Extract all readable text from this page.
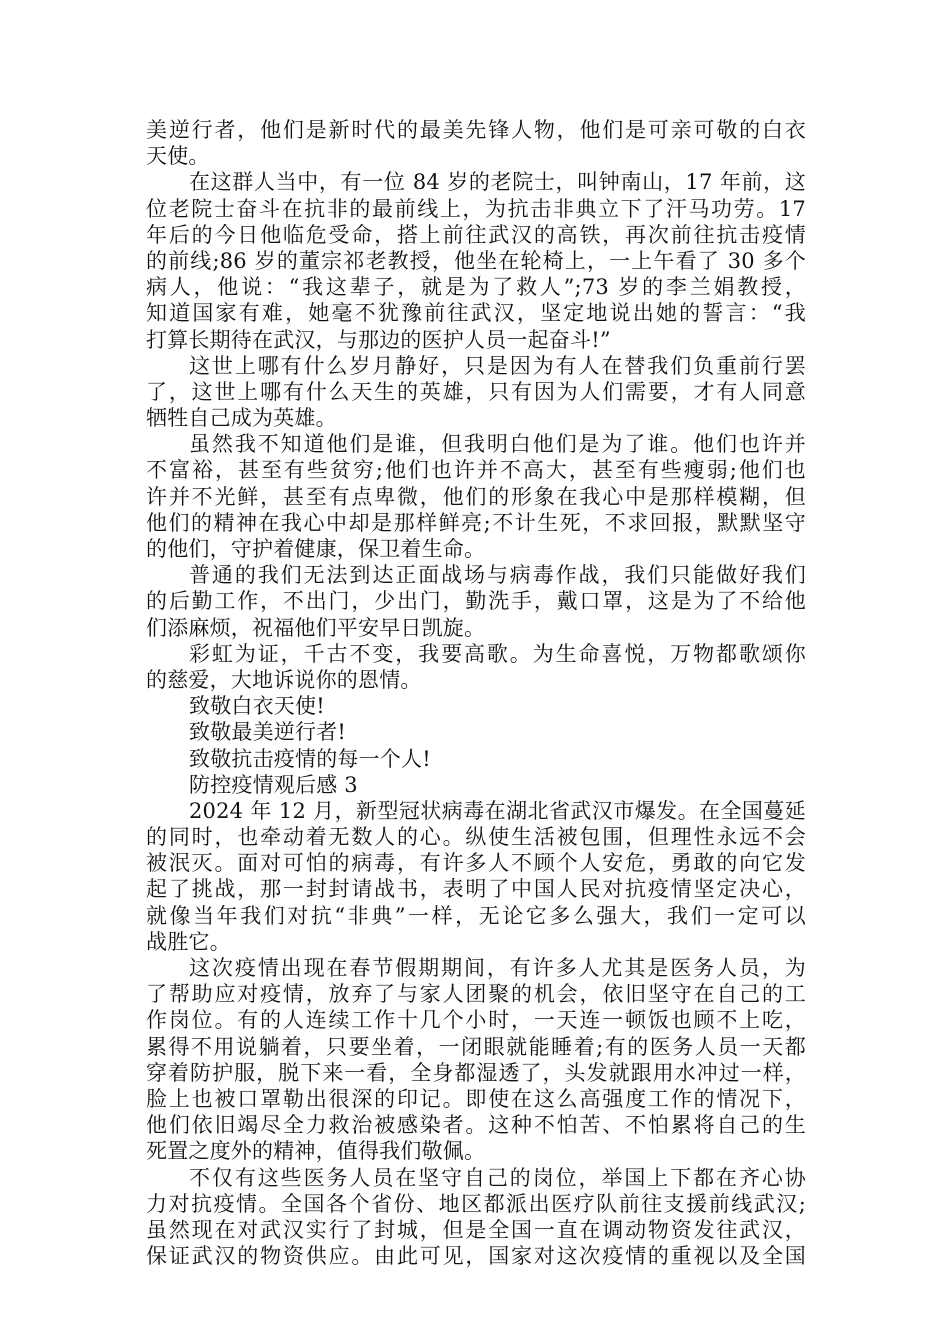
美逆行者，他们是新时代的最美先锋人物，他们是可亲可敬的白衣
天使。
在这群人当中，有一位 84 岁的老院士，叫钟南山，17 年前，这
位老院士奋斗在抗非的最前线上，为抗击非典立下了汗马功劳。17
年后的今日他临危受命，搭上前往武汉的高铁，再次前往抗击疫情
的前线;86 岁的董宗祁老教授，他坐在轮椅上，一上午看了 30 多个
病人，他说：“我这辈子，就是为了救人”;73 岁的李兰娟教授，
知道国家有难，她毫不犹豫前往武汉，坚定地说出她的誓言：“我
打算长期待在武汉，与那边的医护人员一起奋斗!”
这世上哪有什么岁月静好，只是因为有人在替我们负重前行罢
了，这世上哪有什么天生的英雄，只有因为人们需要，才有人同意
牺牲自己成为英雄。
虽然我不知道他们是谁，但我明白他们是为了谁。他们也许并
不富裕，甚至有些贫穷;他们也许并不高大，甚至有些瘦弱;他们也
许并不光鲜，甚至有点卑微，他们的形象在我心中是那样模糊，但
他们的精神在我心中却是那样鲜亮;不计生死，不求回报，默默坚守
的他们，守护着健康，保卫着生命。
普通的我们无法到达正面战场与病毒作战，我们只能做好我们
的后勤工作，不出门，少出门，勤洗手，戴口罩，这是为了不给他
们添麻烦，祝福他们平安早日凯旋。
彩虹为证，千古不变，我要高歌。为生命喜悦，万物都歌颂你
的慈爱，大地诉说你的恩情。
致敬白衣天使!
致敬最美逆行者!
致敬抗击疫情的每一个人!
防控疫情观后感 3
2024 年 12 月，新型冠状病毒在湖北省武汉市爆发。在全国蔓延
的同时，也牵动着无数人的心。纵使生活被包围，但理性永远不会
被泯灭。面对可怕的病毒，有许多人不顾个人安危，勇敢的向它发
起了挑战，那一封封请战书，表明了中国人民对抗疫情坚定决心，
就像当年我们对抗“非典”一样，无论它多么强大，我们一定可以
战胜它。
这次疫情出现在春节假期期间，有许多人尤其是医务人员，为
了帮助应对疫情，放弃了与家人团聚的机会，依旧坚守在自己的工
作岗位。有的人连续工作十几个小时，一天连一顿饭也顾不上吃，
累得不用说躺着，只要坐着，一闭眼就能睡着;有的医务人员一天都
穿着防护服，脱下来一看，全身都湿透了，头发就跟用水冲过一样，
脸上也被口罩勒出很深的印记。即使在这么高强度工作的情况下，
他们依旧竭尽全力救治被感染者。这种不怕苦、不怕累将自己的生
死置之度外的精神，值得我们敬佩。
不仅有这些医务人员在坚守自己的岗位，举国上下都在齐心协
力对抗疫情。全国各个省份、地区都派出医疗队前往支援前线武汉;
虽然现在对武汉实行了封城，但是全国一直在调动物资发往武汉，
保证武汉的物资供应。由此可见，国家对这次疫情的重视以及全国
